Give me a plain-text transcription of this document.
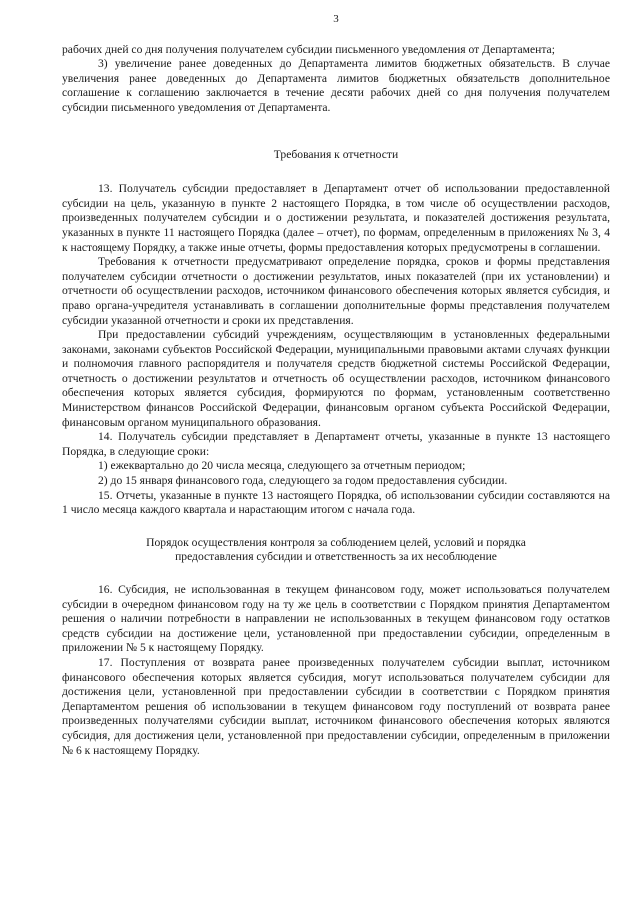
3

рабочих дней со дня получения получателем субсидии письменного уведомления от Департамента;

3) увеличение ранее доведенных до Департамента лимитов бюджетных обязательств. В случае увеличения ранее доведенных до Департамента лимитов бюджетных обязательств дополнительное соглашение к соглашению заключается в течение десяти рабочих дней со дня получения получателем субсидии письменного уведомления от Департамента.

Требования к отчетности

13. Получатель субсидии предоставляет в Департамент отчет об использовании предоставленной субсидии на цель, указанную в пункте 2 настоящего Порядка, в том числе об осуществлении расходов, произведенных получателем субсидии и о достижении результата, и показателей достижения результата, указанных в пункте 11 настоящего Порядка (далее – отчет), по формам, определенным в приложениях № 3, 4 к настоящему Порядку, а также иные отчеты, формы предоставления которых предусмотрены в соглашении.

Требования к отчетности предусматривают определение порядка, сроков и формы представления получателем субсидии отчетности о достижении результатов, иных показателей (при их установлении) и отчетности об осуществлении расходов, источником финансового обеспечения которых является субсидия, и право органа-учредителя устанавливать в соглашении дополнительные формы представления получателем субсидии указанной отчетности и сроки их представления.

При предоставлении субсидий учреждениям, осуществляющим в установленных федеральными законами, законами субъектов Российской Федерации, муниципальными правовыми актами случаях функции и полномочия главного распорядителя и получателя средств бюджетной системы Российской Федерации, отчетность о достижении результатов и отчетность об осуществлении расходов, источником финансового обеспечения которых является субсидия, формируются по формам, установленным соответственно Министерством финансов Российской Федерации, финансовым органом субъекта Российской Федерации, финансовым органом муниципального образования.

14. Получатель субсидии представляет в Департамент отчеты, указанные в пункте 13 настоящего Порядка, в следующие сроки:

1) ежеквартально до 20 числа месяца, следующего за отчетным периодом;

2) до 15 января финансового года, следующего за годом предоставления субсидии.

15. Отчеты, указанные в пункте 13 настоящего Порядка, об использовании субсидии составляются на 1 число месяца каждого квартала и нарастающим итогом с начала года.

Порядок осуществления контроля за соблюдением целей, условий и порядка предоставления субсидии и ответственность за их несоблюдение

16. Субсидия, не использованная в текущем финансовом году, может использоваться получателем субсидии в очередном финансовом году на ту же цель в соответствии с Порядком принятия Департаментом решения о наличии потребности в направлении не использованных в текущем финансовом году остатков средств субсидии на достижение цели, установленной при предоставлении субсидии, определенным в приложении № 5 к настоящему Порядку.

17. Поступления от возврата ранее произведенных получателем субсидии выплат, источником финансового обеспечения которых является субсидия, могут использоваться получателем субсидии для достижения цели, установленной при предоставлении субсидии в соответствии с Порядком принятия Департаментом решения об использовании в текущем финансовом году поступлений от возврата ранее произведенных получателями субсидии выплат, источником финансового обеспечения которых являются субсидия, для достижения цели, установленной при предоставлении субсидии, определенным в приложении № 6 к настоящему Порядку.
